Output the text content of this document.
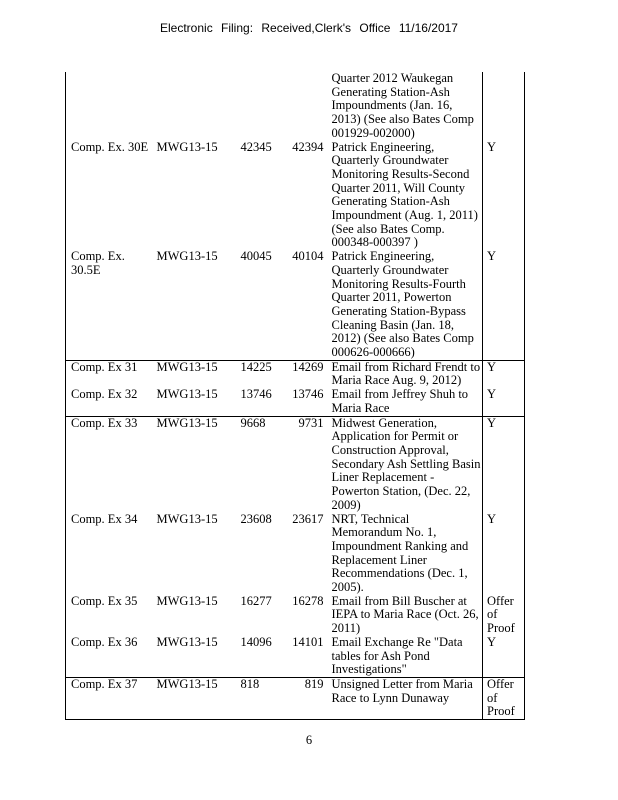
Electronic Filing: Received,Clerk's Office 11/16/2017
				Quarter 2012 Waukegan Generating Station-Ash Impoundments (Jan. 16, 2013) (See also Bates Comp 001929-002000)	
Comp. Ex. 30E	MWG13-15	42345	42394	Patrick Engineering, Quarterly Groundwater Monitoring Results-Second Quarter 2011, Will County Generating Station-Ash Impoundment (Aug. 1, 2011) (See also Bates Comp. 000348-000397 )	Y
Comp. Ex. 30.5E	MWG13-15	40045	40104	Patrick Engineering, Quarterly Groundwater Monitoring Results-Fourth Quarter 2011, Powerton Generating Station-Bypass Cleaning Basin (Jan. 18, 2012) (See also Bates Comp 000626-000666)	Y
Comp. Ex 31	MWG13-15	14225	14269	Email from Richard Frendt to Maria Race Aug. 9, 2012)	Y
Comp. Ex 32	MWG13-15	13746	13746	Email from Jeffrey Shuh to Maria Race	Y
Comp. Ex 33	MWG13-15	9668	9731	Midwest Generation, Application for Permit or Construction Approval, Secondary Ash Settling Basin Liner Replacement - Powerton Station, (Dec. 22, 2009)	Y
Comp. Ex 34	MWG13-15	23608	23617	NRT, Technical Memorandum No. 1, Impoundment Ranking and Replacement Liner Recommendations (Dec. 1, 2005).	Y
Comp. Ex 35	MWG13-15	16277	16278	Email from Bill Buscher at IEPA to Maria Race (Oct. 26, 2011)	Offer of Proof
Comp. Ex 36	MWG13-15	14096	14101	Email Exchange Re "Data tables for Ash Pond Investigations"	Y
Comp. Ex 37	MWG13-15	818	819	Unsigned Letter from Maria Race to Lynn Dunaway	Offer of Proof
6
